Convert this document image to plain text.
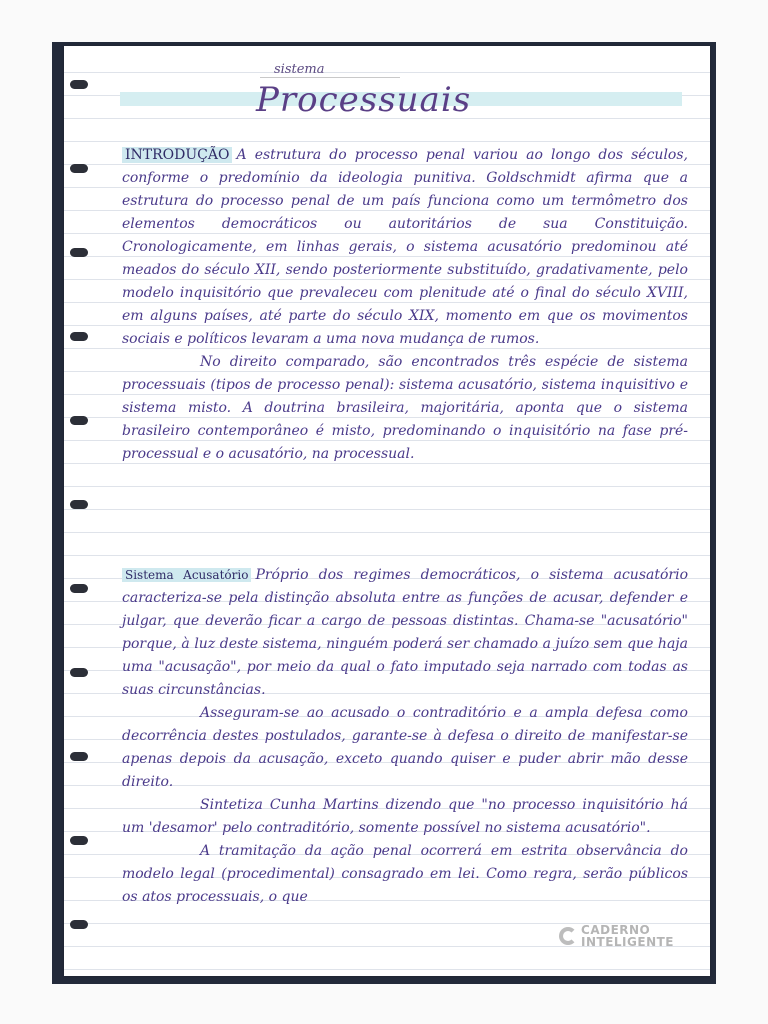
sistema
Processuais

INTRODUÇÃO A estrutura do processo penal variou ao longo dos séculos, conforme o predomínio da ideologia punitiva. Goldschmidt afirma que a estrutura do processo penal de um país funciona como um termômetro dos elementos democráticos ou autoritários de sua Constituição. Cronologicamente, em linhas gerais, o sistema acusatório predominou até meados do século XII, sendo posteriormente substituído, gradativamente, pelo modelo inquisitório que prevaleceu com plenitude até o final do século XVIII, em alguns países, até parte do século XIX, momento em que os movimentos sociais e políticos levaram a uma nova mudança de rumos.

No direito comparado, são encontrados três espécie de sistema processuais (tipos de processo penal): sistema acusatório, sistema inquisitivo e sistema misto. A doutrina brasileira, majoritária, aponta que o sistema brasileiro contemporâneo é misto, predominando o inquisitório na fase pré-processual e o acusatório, na processual.

Sistema Acusatório Próprio dos regimes democráticos, o sistema acusatório caracteriza-se pela distinção absoluta entre as funções de acusar, defender e julgar, que deverão ficar a cargo de pessoas distintas. Chama-se "acusatório" porque, à luz deste sistema, ninguém poderá ser chamado a juízo sem que haja uma "acusação", por meio da qual o fato imputado seja narrado com todas as suas circunstâncias.

Asseguram-se ao acusado o contraditório e a ampla defesa como decorrência destes postulados, garante-se à defesa o direito de manifestar-se apenas depois da acusação, exceto quando quiser e puder abrir mão desse direito.

Sintetiza Cunha Martins dizendo que "no processo inquisitório há um 'desamor' pelo contraditório, somente possível no sistema acusatório".

A tramitação da ação penal ocorrerá em estrita observância do modelo legal (procedimental) consagrado em lei. Como regra, serão públicos os atos processuais, o que

CADERNO
INTELIGENTE
